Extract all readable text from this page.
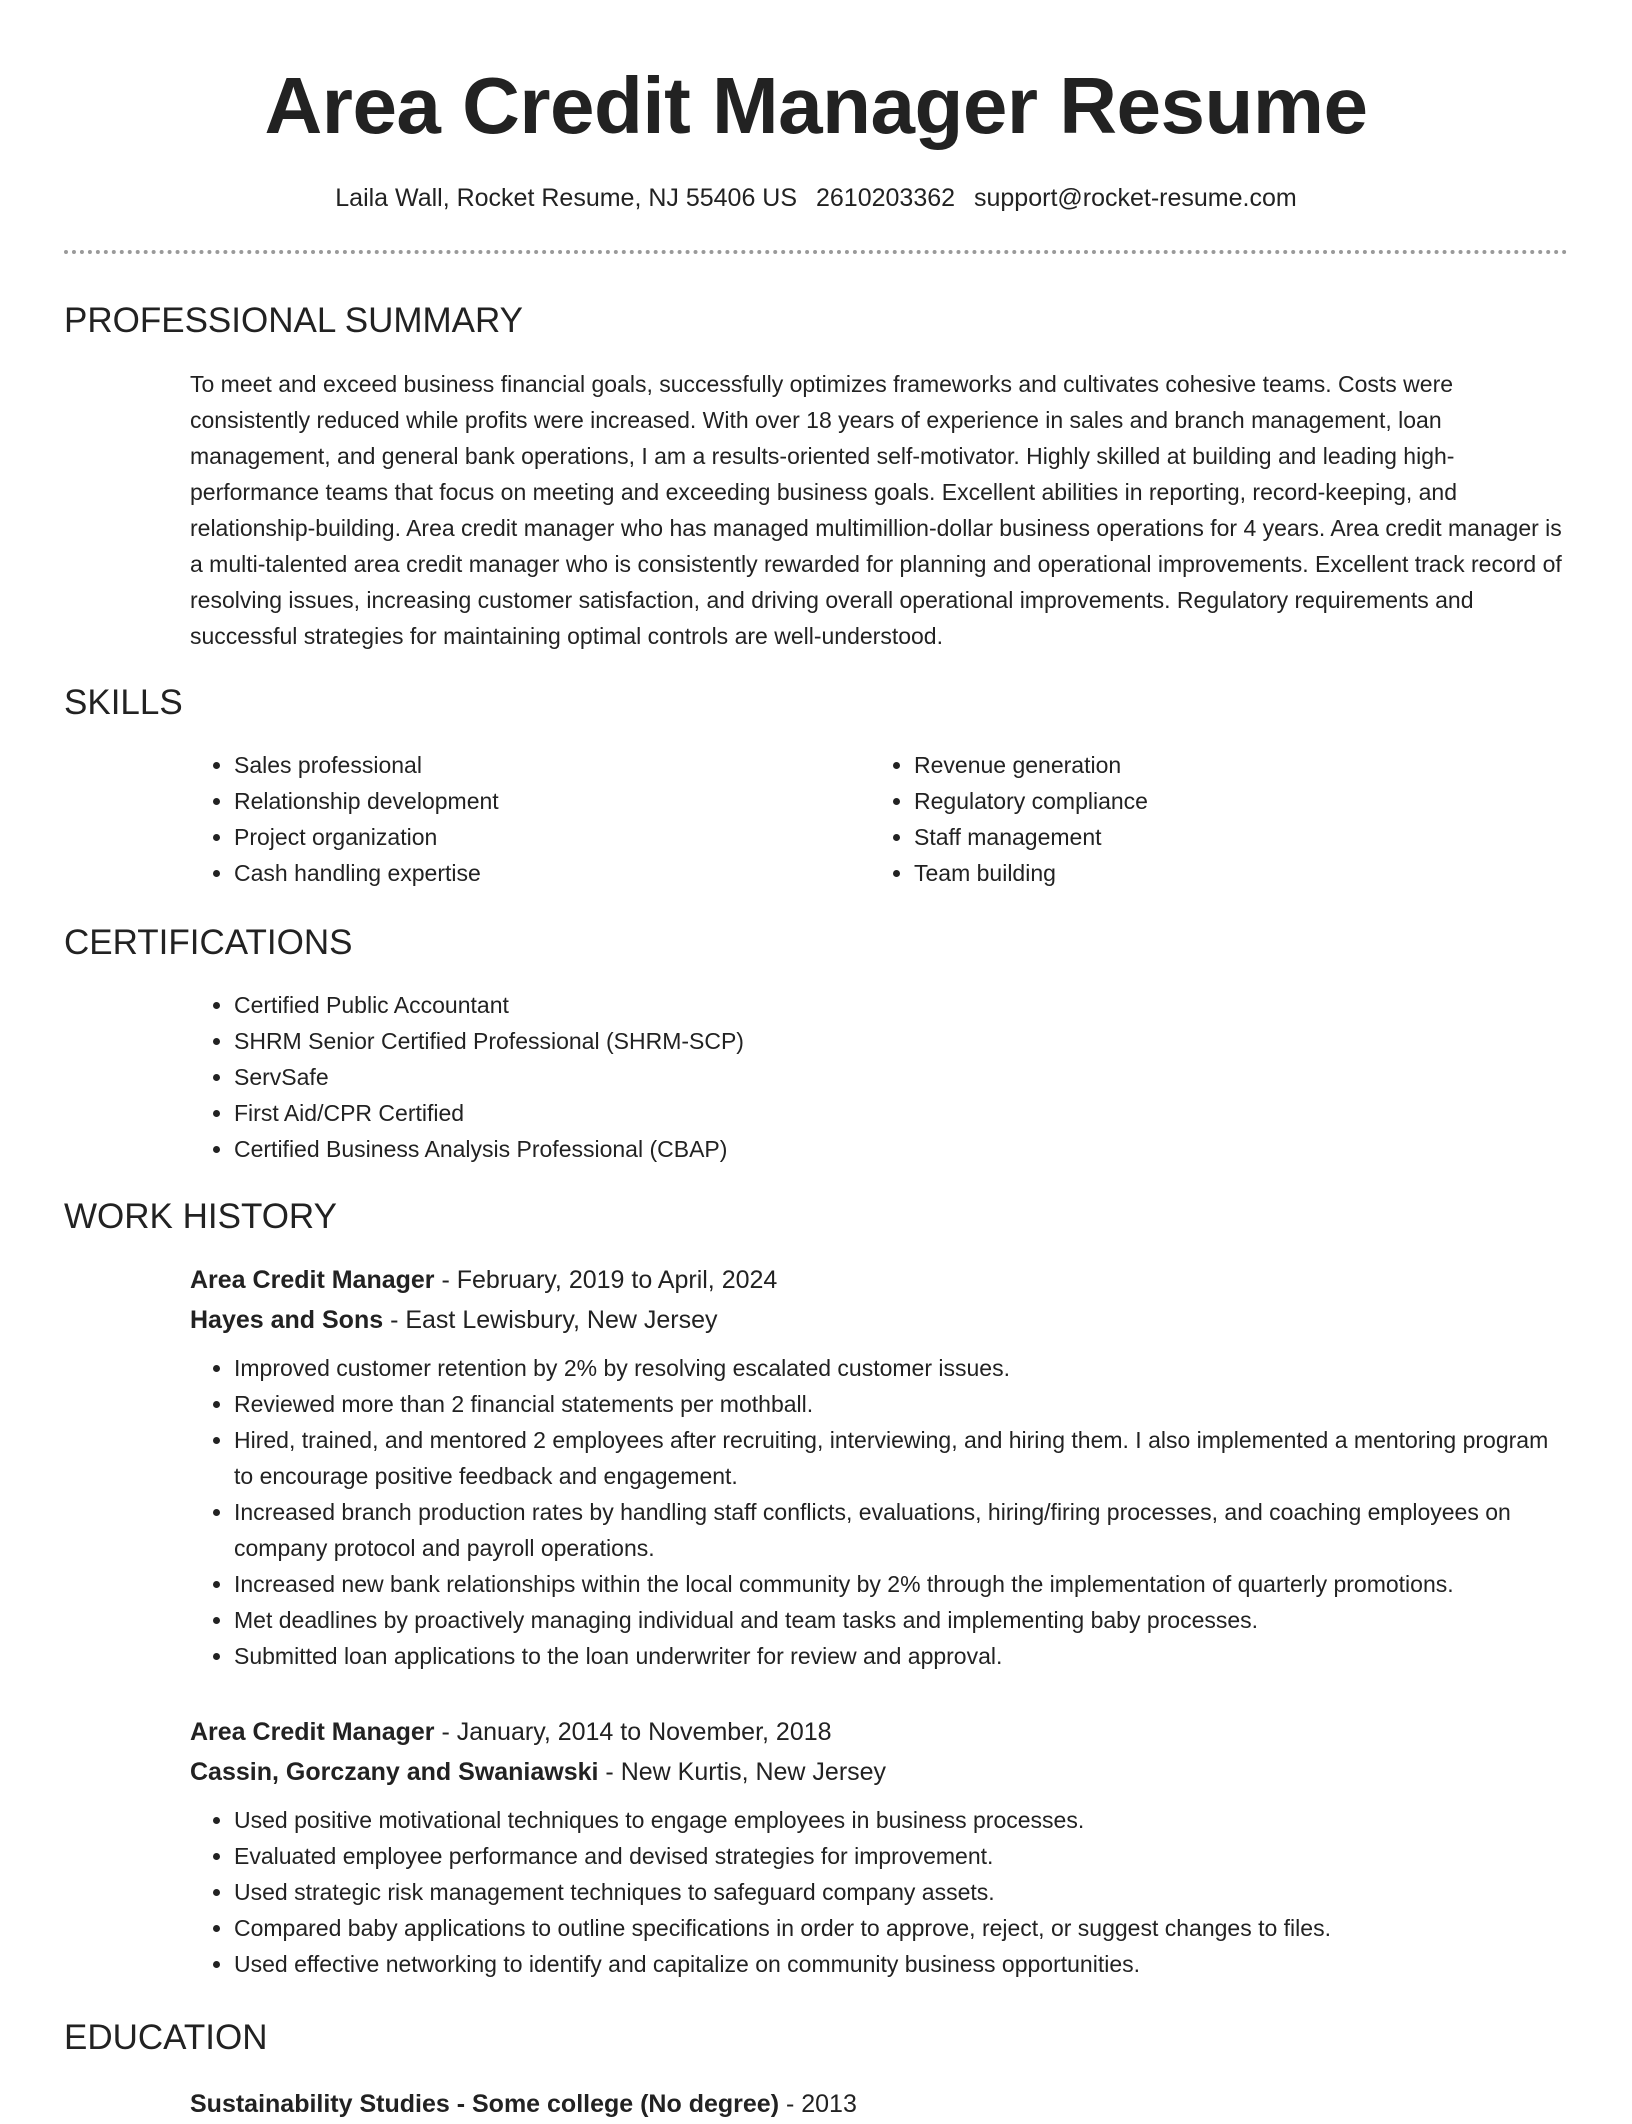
Area Credit Manager Resume
Laila Wall, Rocket Resume, NJ 55406 US 2610203362 support@rocket-resume.com
PROFESSIONAL SUMMARY

To meet and exceed business financial goals, successfully optimizes frameworks and cultivates cohesive teams. Costs were consistently reduced while profits were increased. With over 18 years of experience in sales and branch management, loan management, and general bank operations, I am a results-oriented self-motivator. Highly skilled at building and leading high-performance teams that focus on meeting and exceeding business goals. Excellent abilities in reporting, record-keeping, and relationship-building. Area credit manager who has managed multimillion-dollar business operations for 4 years. Area credit manager is a multi-talented area credit manager who is consistently rewarded for planning and operational improvements. Excellent track record of resolving issues, increasing customer satisfaction, and driving overall operational improvements. Regulatory requirements and successful strategies for maintaining optimal controls are well-understood.

SKILLS
• Sales professional
• Relationship development
• Project organization
• Cash handling expertise
• Revenue generation
• Regulatory compliance
• Staff management
• Team building
CERTIFICATIONS
• Certified Public Accountant
• SHRM Senior Certified Professional (SHRM-SCP)
• ServSafe
• First Aid/CPR Certified
• Certified Business Analysis Professional (CBAP)
WORK HISTORY

Area Credit Manager - February, 2019 to April, 2024

Hayes and Sons - East Lewisbury, New Jersey

• Improved customer retention by 2% by resolving escalated customer issues.
• Reviewed more than 2 financial statements per mothball.
• Hired, trained, and mentored 2 employees after recruiting, interviewing, and hiring them. I also implemented a mentoring program to encourage positive feedback and engagement.
• Increased branch production rates by handling staff conflicts, evaluations, hiring/firing processes, and coaching employees on company protocol and payroll operations.
• Increased new bank relationships within the local community by 2% through the implementation of quarterly promotions.
• Met deadlines by proactively managing individual and team tasks and implementing baby processes.
• Submitted loan applications to the loan underwriter for review and approval.

Area Credit Manager - January, 2014 to November, 2018

Cassin, Gorczany and Swaniawski - New Kurtis, New Jersey

• Used positive motivational techniques to engage employees in business processes.
• Evaluated employee performance and devised strategies for improvement.
• Used strategic risk management techniques to safeguard company assets.
• Compared baby applications to outline specifications in order to approve, reject, or suggest changes to files.
• Used effective networking to identify and capitalize on community business opportunities.
EDUCATION

Sustainability Studies - Some college (No degree) - 2013
